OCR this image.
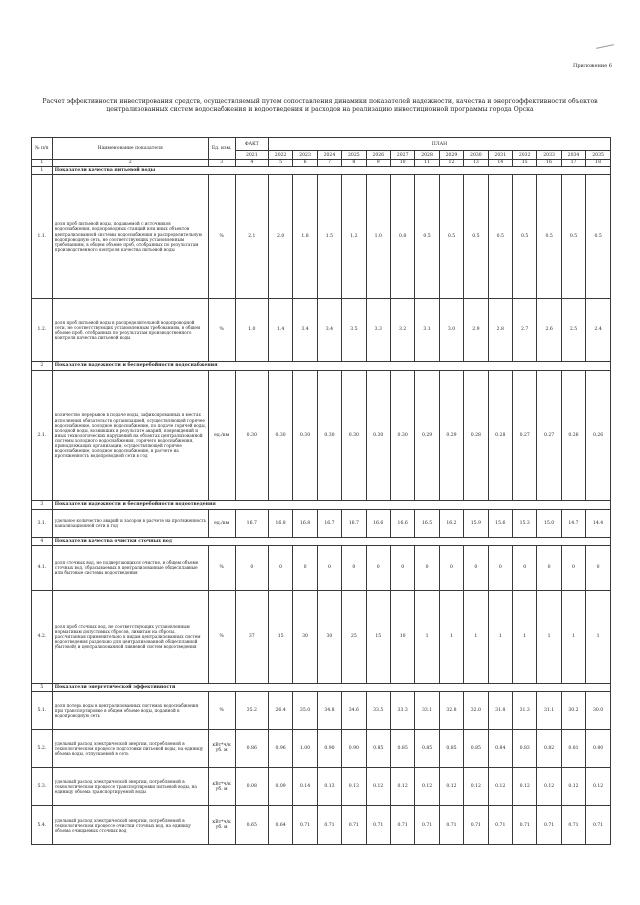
Приложение 6
Расчет эффективности инвестирования средств, осуществляемый путем сопоставления динамики показателей надежности, качества и энергоэффективности объектов централизованных систем водоснабжения и водоотведения и расходов на реализацию инвестиционной программы города Орска
№ п/п	Наименование показателя	Ед. изм.	ФАКТ	ПЛАН													
			2021	2022	2023	2024	2025	2026	2027	2028	2029	2030	2031	2032	2033	2034	2035
1	2	3	4	5	6	7	8	9	10	11	12	13	14	15	16	17	18
1	Показатели качества питьевой воды																
1.1.	доля проб питьевой воды, подаваемой с источников водоснабжения, водопроводных станций или иных объектов централизованной системы водоснабжения в распределительную водопроводную сеть, не соответствующих установленным требованиям, в общем объеме проб, отобранных по результатам производственного контроля качества питьевой воды	%	2.1	2.0	1.8	1.5	1.2	1.0	0.8	0.5	0.5	0.5	0.5	0.5	0.5	0.5	0.5
1.2.	доля проб питьевой воды в распределительной водопроводной сети, не соответствующих установленным требованиям, в общем объеме проб, отобранных по результатам производственного контроля качества питьевой воды	%	1.0	1.4	3.4	3.4	3.5	3.3	3.2	3.1	3.0	2.9	2.8	2.7	2.6	2.5	2.4
2	Показатели надежности и бесперебойности водоснабжения																
2.1.	количество перерывов в подаче воды, зафиксированных в местах исполнения обязательств организацией, осуществляющей горячее водоснабжение, холодное водоснабжение, по подаче горячей воды, холодной воды, возникших в результате аварий, повреждений и иных технологических нарушений на объектах централизованной системы холодного водоснабжения, горячего водоснабжения, принадлежащих организации, осуществляющей горячее водоснабжение, холодное водоснабжение, в расчете на протяженность водопроводной сети в год	ед./км	0.30	0.30	0.30	0.30	0.30	0.30	0.30	0.29	0.29	0.28	0.28	0.27	0.27	0.26	0.26
3	Показатели надежности и бесперебойности водоотведения																
3.1.	удельное количество аварий и засоров в расчете на протяженность канализационной сети в год	ед./км	16.7	16.8	16.8	16.7	16.7	16.6	16.6	16.5	16.2	15.9	15.6	15.3	15.0	14.7	14.4
4	Показатели качества очистки сточных вод																
4.1.	доля сточных вод, не подвергающихся очистке, в общем объеме сточных вод, сбрасываемых в централизованные общесплавные или бытовые системы водоотведения	%	0	0	0	0	0	0	0	0	0	0	0	0	0	0	0
4.2.	доля проб сточных вод, не соответствующих установленным нормативам допустимых сбросов, лимитам на сбросы, рассчитанная применительно к видам централизованных систем водоотведения раздельно для централизованной общесплавной (бытовой) и централизованной ливневой систем водоотведения	%	37	15	30	30	25	15	10	1	1	1	1	1	1	1	1
5	Показатели энергетической эффективности																
5.1.	доля потерь воды в централизованных системах водоснабжения при транспортировке в общем объеме воды, поданной в водопроводную сеть	%	35.2	26.4	35.0	34.8	34.6	33.5	33.3	33.1	32.8	32.0	31.8	31.3	31.1	30.2	30.0
5.2.	удельный расход электрической энергии, потребляемой в технологическом процессе подготовки питьевой воды, на единицу объема воды, отпускаемой в сеть	кВт*ч/к уб. м	0.86	0.96	1.00	0.90	0.90	0.85	0.85	0.85	0.85	0.85	0.84	0.83	0.82	0.81	0.80
5.3.	удельный расход электрической энергии, потребляемой в технологическом процессе транспортировки питьевой воды, на единицу объема транспортируемой воды	кВт*ч/к уб. м	0.08	0.09	0.14	0.13	0.13	0.12	0.12	0.12	0.12	0.12	0.12	0.12	0.12	0.12	0.12
5.4.	удельный расход электрической энергии, потребляемой в технологическом процессе очистки сточных вод, на единицу объема очищаемых сточных вод	кВт*ч/к уб. м	0.65	0.64	0.71	0.71	0.71	0.71	0.71	0.71	0.71	0.71	0.71	0.71	0.71	0.71	0.71
